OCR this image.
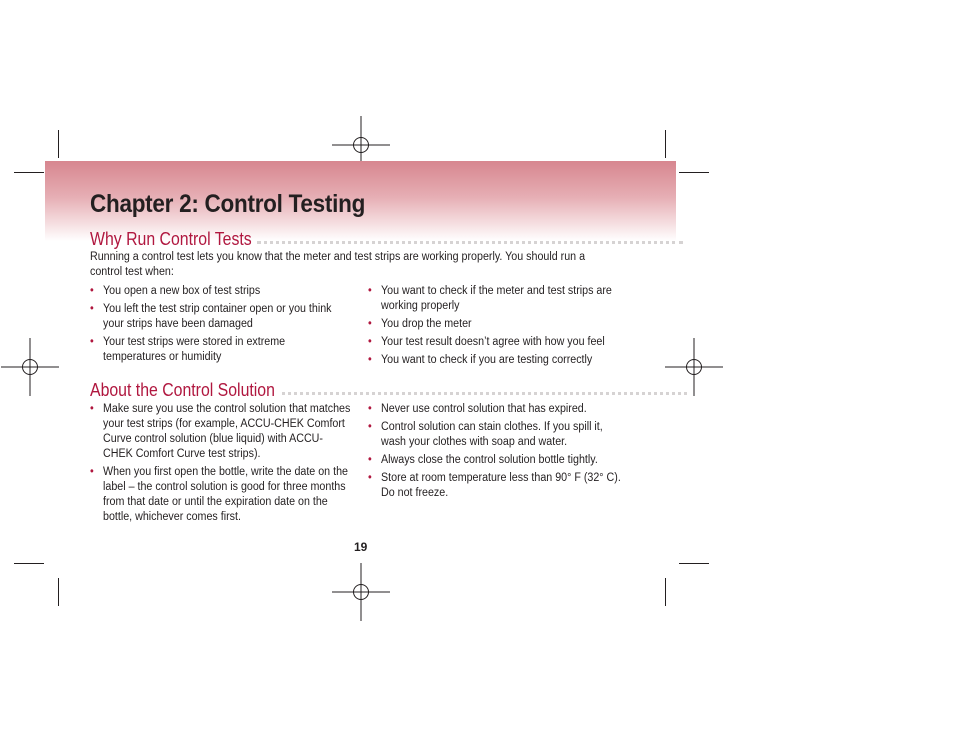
Chapter 2: Control Testing
Why Run Control Tests

Running a control test lets you know that the meter and test strips are working properly. You should run a control test when:

• You open a new box of test strips
• You left the test strip container open or you think your strips have been damaged
• Your test strips were stored in extreme temperatures or humidity
• You want to check if the meter and test strips are working properly
• You drop the meter
• Your test result doesn’t agree with how you feel
• You want to check if you are testing correctly
About the Control Solution
• Make sure you use the control solution that matches your test strips (for example, ACCU-CHEK Comfort Curve control solution (blue liquid) with ACCU-CHEK Comfort Curve test strips).
• When you first open the bottle, write the date on the label – the control solution is good for three months from that date or until the expiration date on the bottle, whichever comes first.
• Never use control solution that has expired.
• Control solution can stain clothes. If you spill it, wash your clothes with soap and water.
• Always close the control solution bottle tightly.
• Store at room temperature less than 90° F (32° C). Do not freeze.
19
